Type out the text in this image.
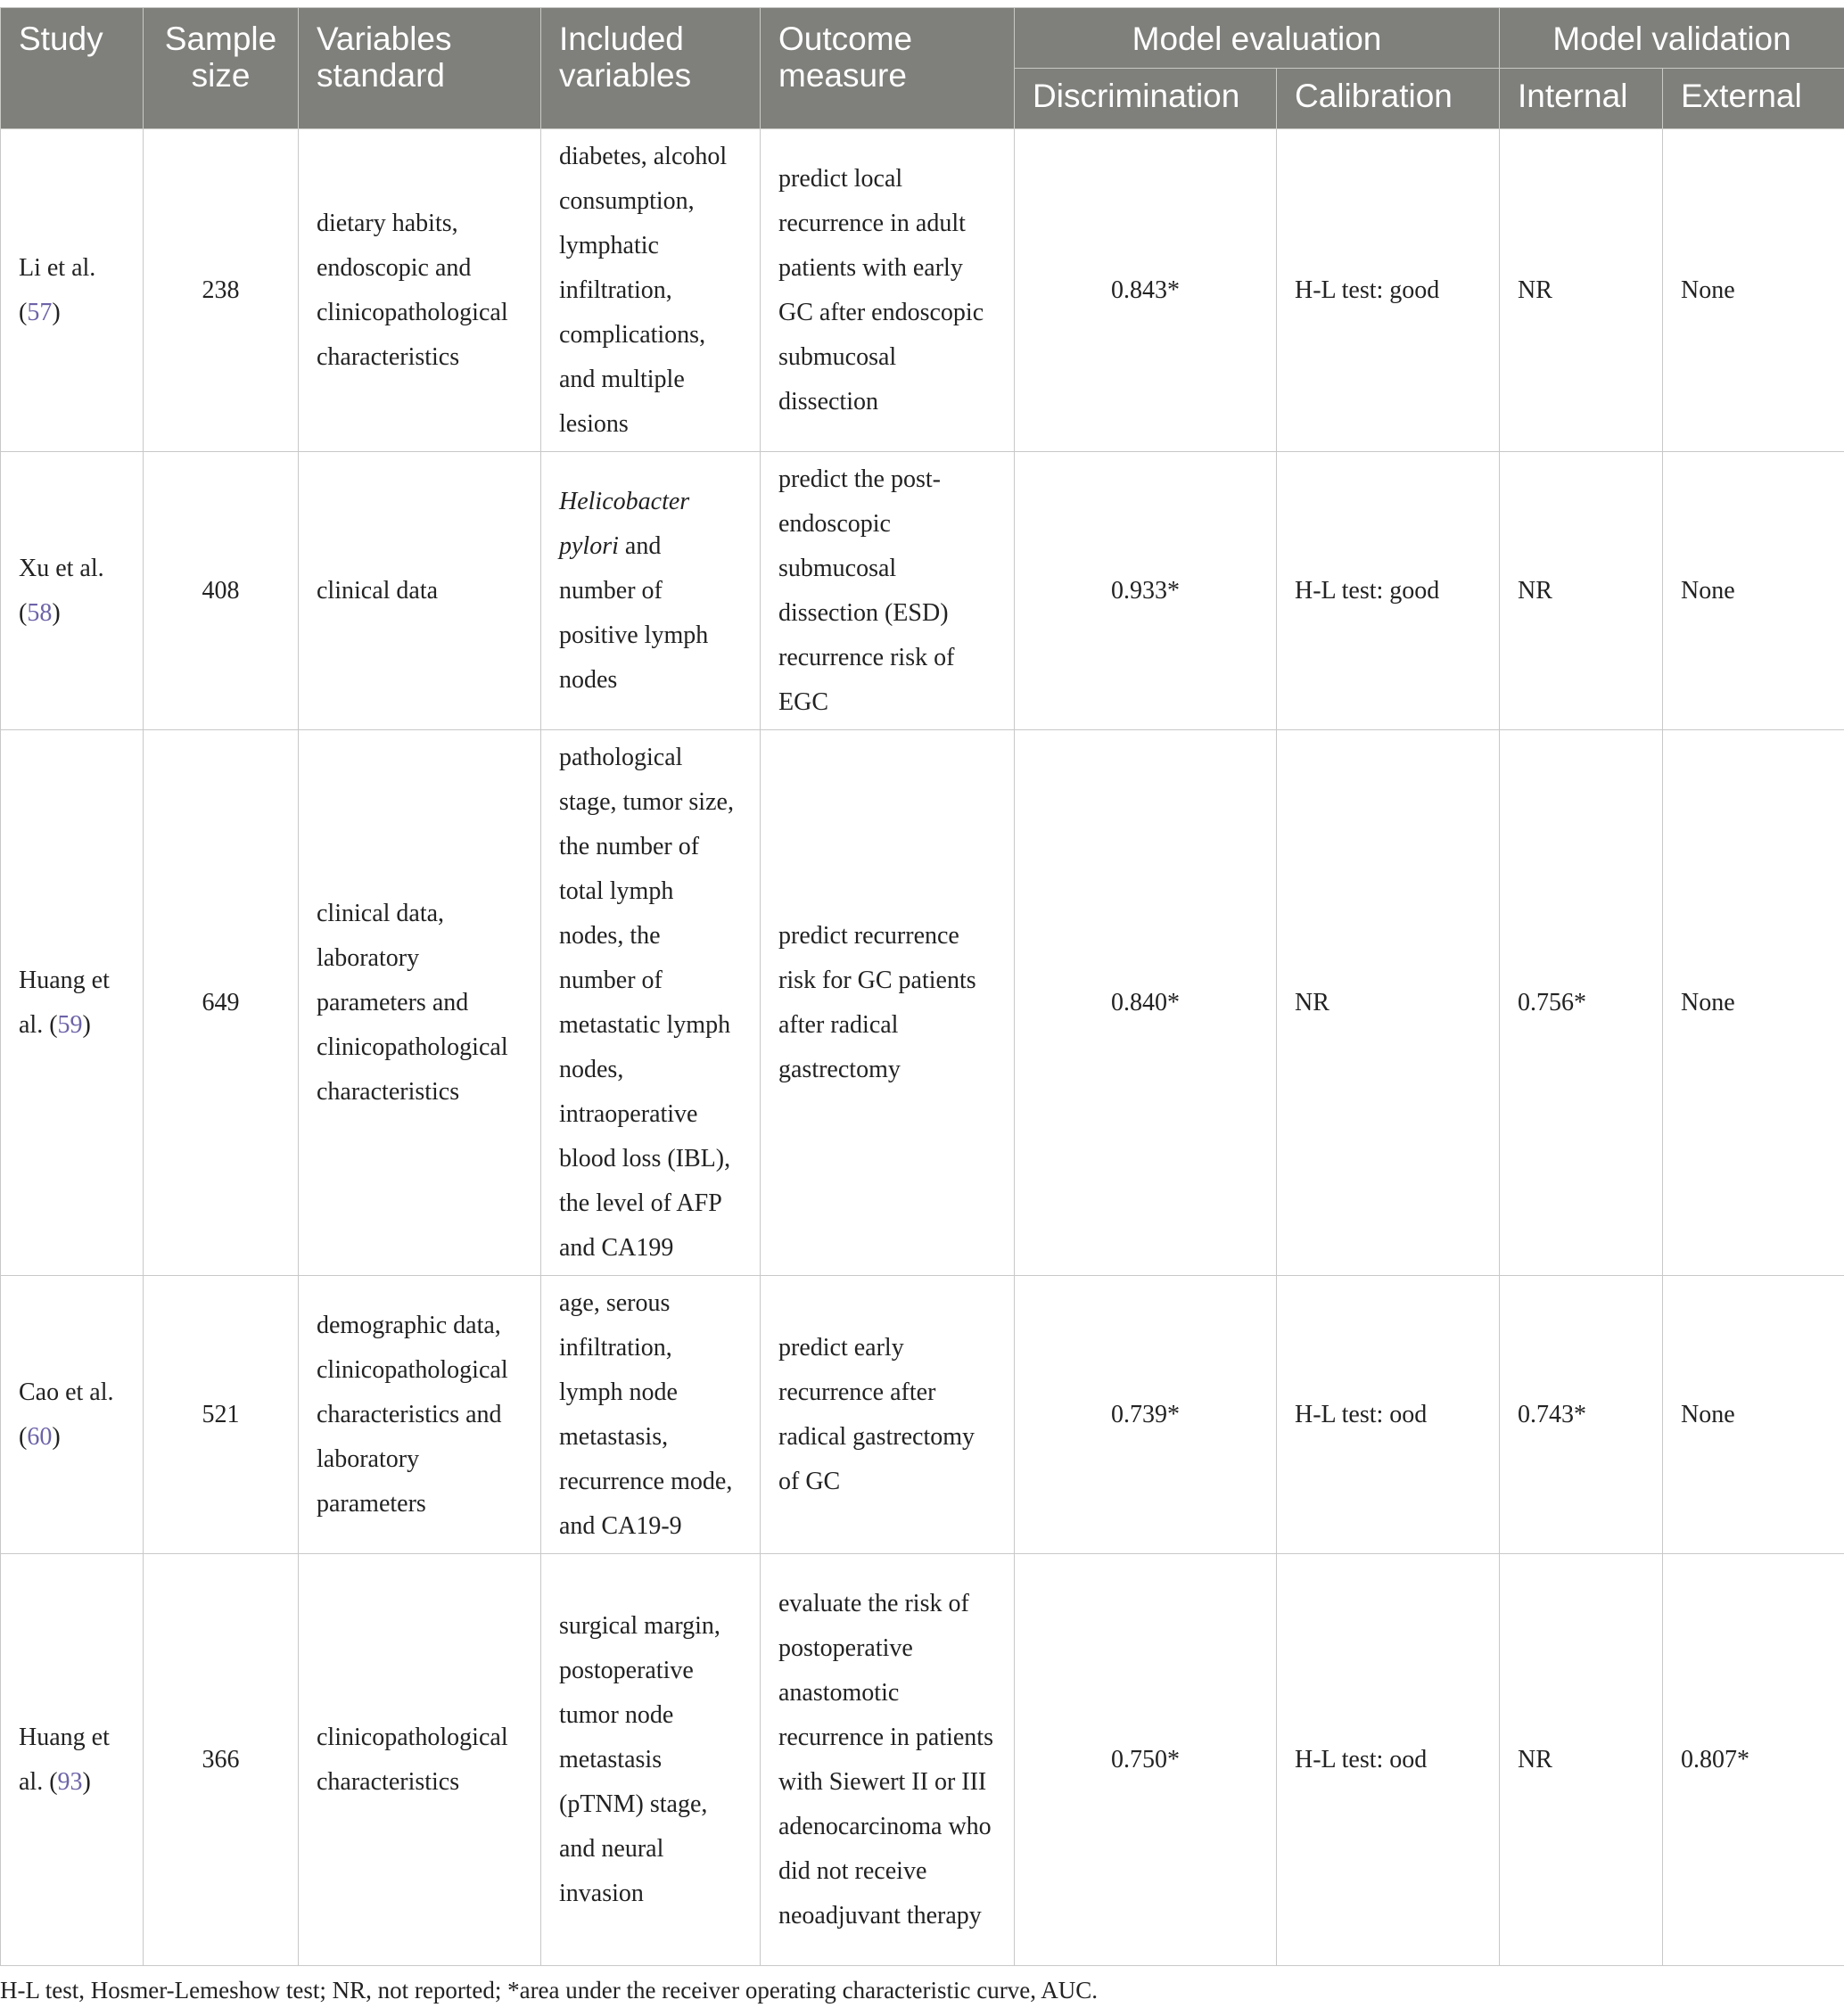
Study	Sample size	Variables standard	Included variables	Outcome measure	Model evaluation		Model validation	
					Discrimination	Calibration	Internal	External
Li et al. (57)	238	dietary habits, endoscopic and clinicopathological characteristics	diabetes, alcohol consumption, lymphatic infiltration, complications, and multiple lesions	predict local recurrence in adult patients with early GC after endoscopic submucosal dissection	0.843*	H-L test: good	NR	None
Xu et al. (58)	408	clinical data	Helicobacter pylori and number of positive lymph nodes	predict the post-endoscopic submucosal dissection (ESD) recurrence risk of EGC	0.933*	H-L test: good	NR	None
Huang et al. (59)	649	clinical data, laboratory parameters and clinicopathological characteristics	pathological stage, tumor size, the number of total lymph nodes, the number of metastatic lymph nodes, intraoperative blood loss (IBL), the level of AFP and CA199	predict recurrence risk for GC patients after radical gastrectomy	0.840*	NR	0.756*	None
Cao et al. (60)	521	demographic data, clinicopathological characteristics and laboratory parameters	age, serous infiltration, lymph node metastasis, recurrence mode, and CA19-9	predict early recurrence after radical gastrectomy of GC	0.739*	H-L test: ood	0.743*	None
Huang et al. (93)	366	clinicopathological characteristics	surgical margin, postoperative tumor node metastasis (pTNM) stage, and neural invasion	evaluate the risk of postoperative anastomotic recurrence in patients with Siewert II or III adenocarcinoma who did not receive neoadjuvant therapy	0.750*	H-L test: ood	NR	0.807*
H-L test, Hosmer-Lemeshow test; NR, not reported; *area under the receiver operating characteristic curve, AUC.
